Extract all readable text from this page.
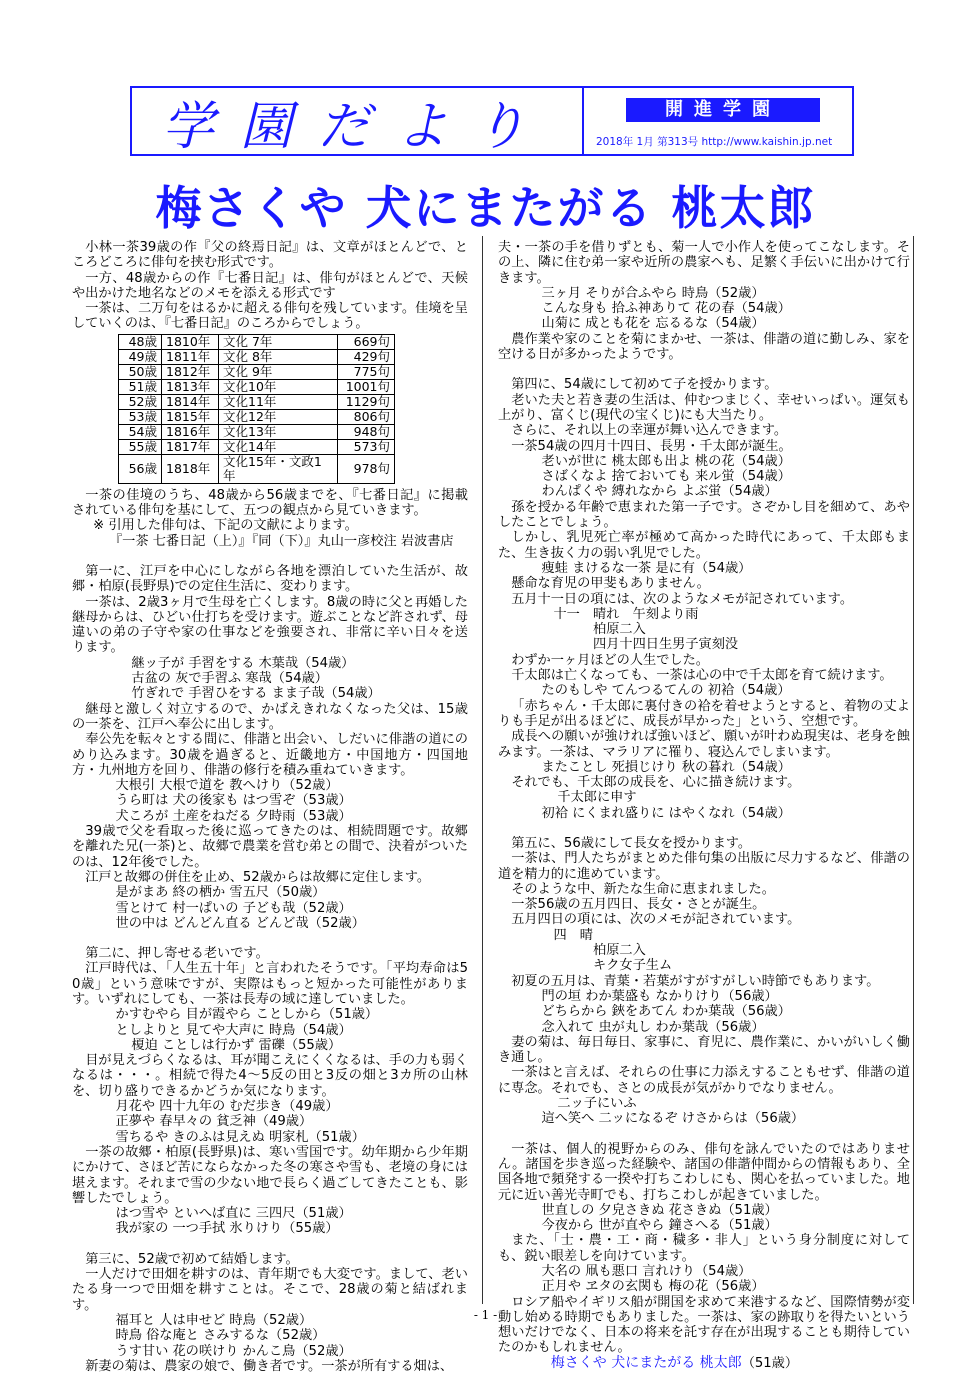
学園だより	開進学園
2018年 1月 第313号 http://www.kaishin.jp.net
梅さくや 犬にまたがる 桃太郎

小林一茶39歳の作『父の終焉日記』は、文章がほとんどで、ところどころに俳句を挟む形式です。

一方、48歳からの作『七番日記』は、俳句がほとんどで、天候や出かけた地名などのメモを添える形式です

一茶は、二万句をはるかに超える俳句を残しています。佳境を呈していくのは、『七番日記』のころからでしょう。

48歳	1810年	文化 7年	669句
49歳	1811年	文化 8年	429句
50歳	1812年	文化 9年	775句
51歳	1813年	文化10年	1001句
52歳	1814年	文化11年	1129句
53歳	1815年	文化12年	806句
54歳	1816年	文化13年	948句
55歳	1817年	文化14年	573句
56歳	1818年	文化15年・文政1年	978句

一茶の佳境のうち、48歳から56歳までを、『七番日記』に掲載されている俳句を基にして、五つの観点から見ていきます。

※ 引用した俳句は、下記の文献によります。

『一茶 七番日記（上）』『同（下）』丸山一彦校注 岩波書店

第一に、江戸を中心にしながら各地を漂泊していた生活が、故郷・柏原(長野県)での定住生活に、変わります。

一茶は、2歳3ヶ月で生母を亡くします。8歳の時に父と再婚した継母からは、ひどい仕打ちを受けます。遊ぶことなど許されず、母違いの弟の子守や家の仕事などを強要され、非常に辛い日々を送ります。

継ッ子が 手習をする 木葉哉（54歳）

古盆の 灰で手習ふ 寒哉（54歳）

竹ぎれで 手習ひをする まま子哉（54歳）

継母と激しく対立するので、かばえきれなくなった父は、15歳の一茶を、江戸へ奉公に出します。

奉公先を転々とする間に、俳諧と出会い、しだいに俳諧の道にのめり込みます。30歳を過ぎると、近畿地方・中国地方・四国地方・九州地方を回り、俳諧の修行を積み重ねていきます。

大根引 大根で道を 教へけり（52歳）

うら町は 犬の後家も はつ雪ぞ（53歳）

犬ころが 土産をねだる 夕時雨（53歳）

39歳で父を看取った後に巡ってきたのは、相続問題です。故郷を離れた兄(一茶)と、故郷で農業を営む弟との間で、決着がついたのは、12年後でした。

江戸と故郷の併住を止め、52歳からは故郷に定住します。

是がまあ 終の栖か 雪五尺（50歳）

雪とけて 村一ぱいの 子ども哉（52歳）

世の中は どんどん直る どんど哉（52歳）

第二に、押し寄せる老いです。

江戸時代は、「人生五十年」と言われたそうです。「平均寿命は50歳」という意味ですが、実際はもっと短かった可能性があります。いずれにしても、一茶は長寿の域に達していました。

かすむやら 目が霞やら ことしから（51歳）

としよりと 見てや大声に 時鳥（54歳）

榎迫 ことしは行かず 雷礫（55歳）

目が見えづらくなるは、耳が聞こえにくくなるは、手の力も弱くなるは・・・。相続で得た4～5反の田と3反の畑と3カ所の山林を、切り盛りできるかどうか気になります。

月花や 四十九年の むだ歩き（49歳）

正夢や 春早々の 貧乏神（49歳）

雪ちるや きのふは見えぬ 明家札（51歳）

一茶の故郷・柏原(長野県)は、寒い雪国です。幼年期から少年期にかけて、さほど苦にならなかった冬の寒さや雪も、老境の身には堪えます。それまで雪の少ない地で長らく過ごしてきたことも、影響したでしょう。

はつ雪や といへば直に 三四尺（51歳）

我が家の 一つ手拭 氷りけり（55歳）

第三に、52歳で初めて結婚します。

一人だけで田畑を耕すのは、青年期でも大変です。まして、老いたる身一つで田畑を耕すことは。そこで、28歳の菊と結ばれます。

福耳と 人は申せど 時鳥（52歳）

時鳥 俗な庵と さみするな（52歳）

うす甘い 花の咲けり かんこ鳥（52歳）

新妻の菊は、農家の娘で、働き者です。一茶が所有する畑は、

夫・一茶の手を借りずとも、菊一人で小作人を使ってこなします。その上、隣に住む弟一家や近所の農家へも、足繁く手伝いに出かけて行きます。

三ヶ月 そりが合ふやら 時鳥（52歳）

こんな身も 拾ふ神ありて 花の春（54歳）

山菊に 成とも花を 忘るるな（54歳）

農作業や家のことを菊にまかせ、一茶は、俳諧の道に勤しみ、家を空ける日が多かったようです。

第四に、54歳にして初めて子を授かります。

老いた夫と若き妻の生活は、仲むつまじく、幸せいっぱい。運気も上がり、富くじ(現代の宝くじ)にも大当たり。

さらに、それ以上の幸運が舞い込んできます。

一茶54歳の四月十四日、長男・千太郎が誕生。

老いが世に 桃太郎も出よ 桃の花（54歳）

さばくなよ 捨ておいても 来ル蛍（54歳）

わんぱくや 縛れなから よぶ蛍（54歳）

孫を授かる年齢で恵まれた第一子です。さぞかし目を細めて、あやしたことでしょう。

しかし、乳児死亡率が極めて高かった時代にあって、千太郎もまた、生き抜く力の弱い乳児でした。

痩蛙 まけるな一茶 是に有（54歳）

懸命な育児の甲斐もありません。

五月十一日の項には、次のようなメモが記されています。

十一　晴れ　午刻より雨

柏原二入

四月十四日生男子寅刻没

わずか一ヶ月ほどの人生でした。

千太郎は亡くなっても、一茶は心の中で千太郎を育て続けます。

たのもしや てんつるてんの 初袷（54歳）

「赤ちゃん・千太郎に裏付きの袷を着せようとすると、着物の丈よりも手足が出るほどに、成長が早かった」という、空想です。

成長への願いが強ければ強いほど、願いが叶わぬ現実は、老身を蝕みます。一茶は、マラリアに罹り、寝込んでしまいます。

またことし 死損じけり 秋の暮れ（54歳）

それでも、千太郎の成長を、心に描き続けます。

千太郎に申す

初袷 にくまれ盛りに はやくなれ（54歳）

第五に、56歳にして長女を授かります。

一茶は、門人たちがまとめた俳句集の出版に尽力するなど、俳諧の道を精力的に進めています。

そのような中、新たな生命に恵まれました。

一茶56歳の五月四日、長女・さとが誕生。

五月四日の項には、次のメモが記されています。

四　晴

柏原二入

キク女子生ム

初夏の五月は、青葉・若葉がすがすがしい時節でもあります。

門の垣 わか葉盛も なかりけり（56歳）

どちらから 鋏をあてん わか葉哉（56歳）

念入れて 虫が丸し わか葉哉（56歳）

妻の菊は、毎日毎日、家事に、育児に、農作業に、かいがいしく働き通し。

一茶はと言えば、それらの仕事に力添えすることもせず、俳諧の道に専念。それでも、さとの成長が気がかりでなりません。

二ッ子にいふ

這へ笑へ 二ッになるぞ けさからは（56歳）

一茶は、個人的視野からのみ、俳句を詠んでいたのではありません。諸国を歩き巡った経験や、諸国の俳諧仲間からの情報もあり、全国各地で頻発する一揆や打ちこわしにも、関心を払っていました。地元に近い善光寺町でも、打ちこわしが起きていました。

世直しの 夕皃さきぬ 花さきぬ（51歳）

今夜から 世が直やら 鐘さへる（51歳）

また、「士・農・工・商・穢多・非人」という身分制度に対しても、鋭い眼差しを向けています。

大名の 凧も悪口 言れけり（54歳）

正月や ヱタの玄関も 梅の花（56歳）

ロシア船やイギリス船が開国を求めて来港するなど、国際情勢が変動し始める時期でもありました。一茶は、家の跡取りを得たいという想いだけでなく、日本の将来を託す存在が出現することも期待していたのかもしれません。

梅さくや 犬にまたがる 桃太郎（51歳）

- 1 -
